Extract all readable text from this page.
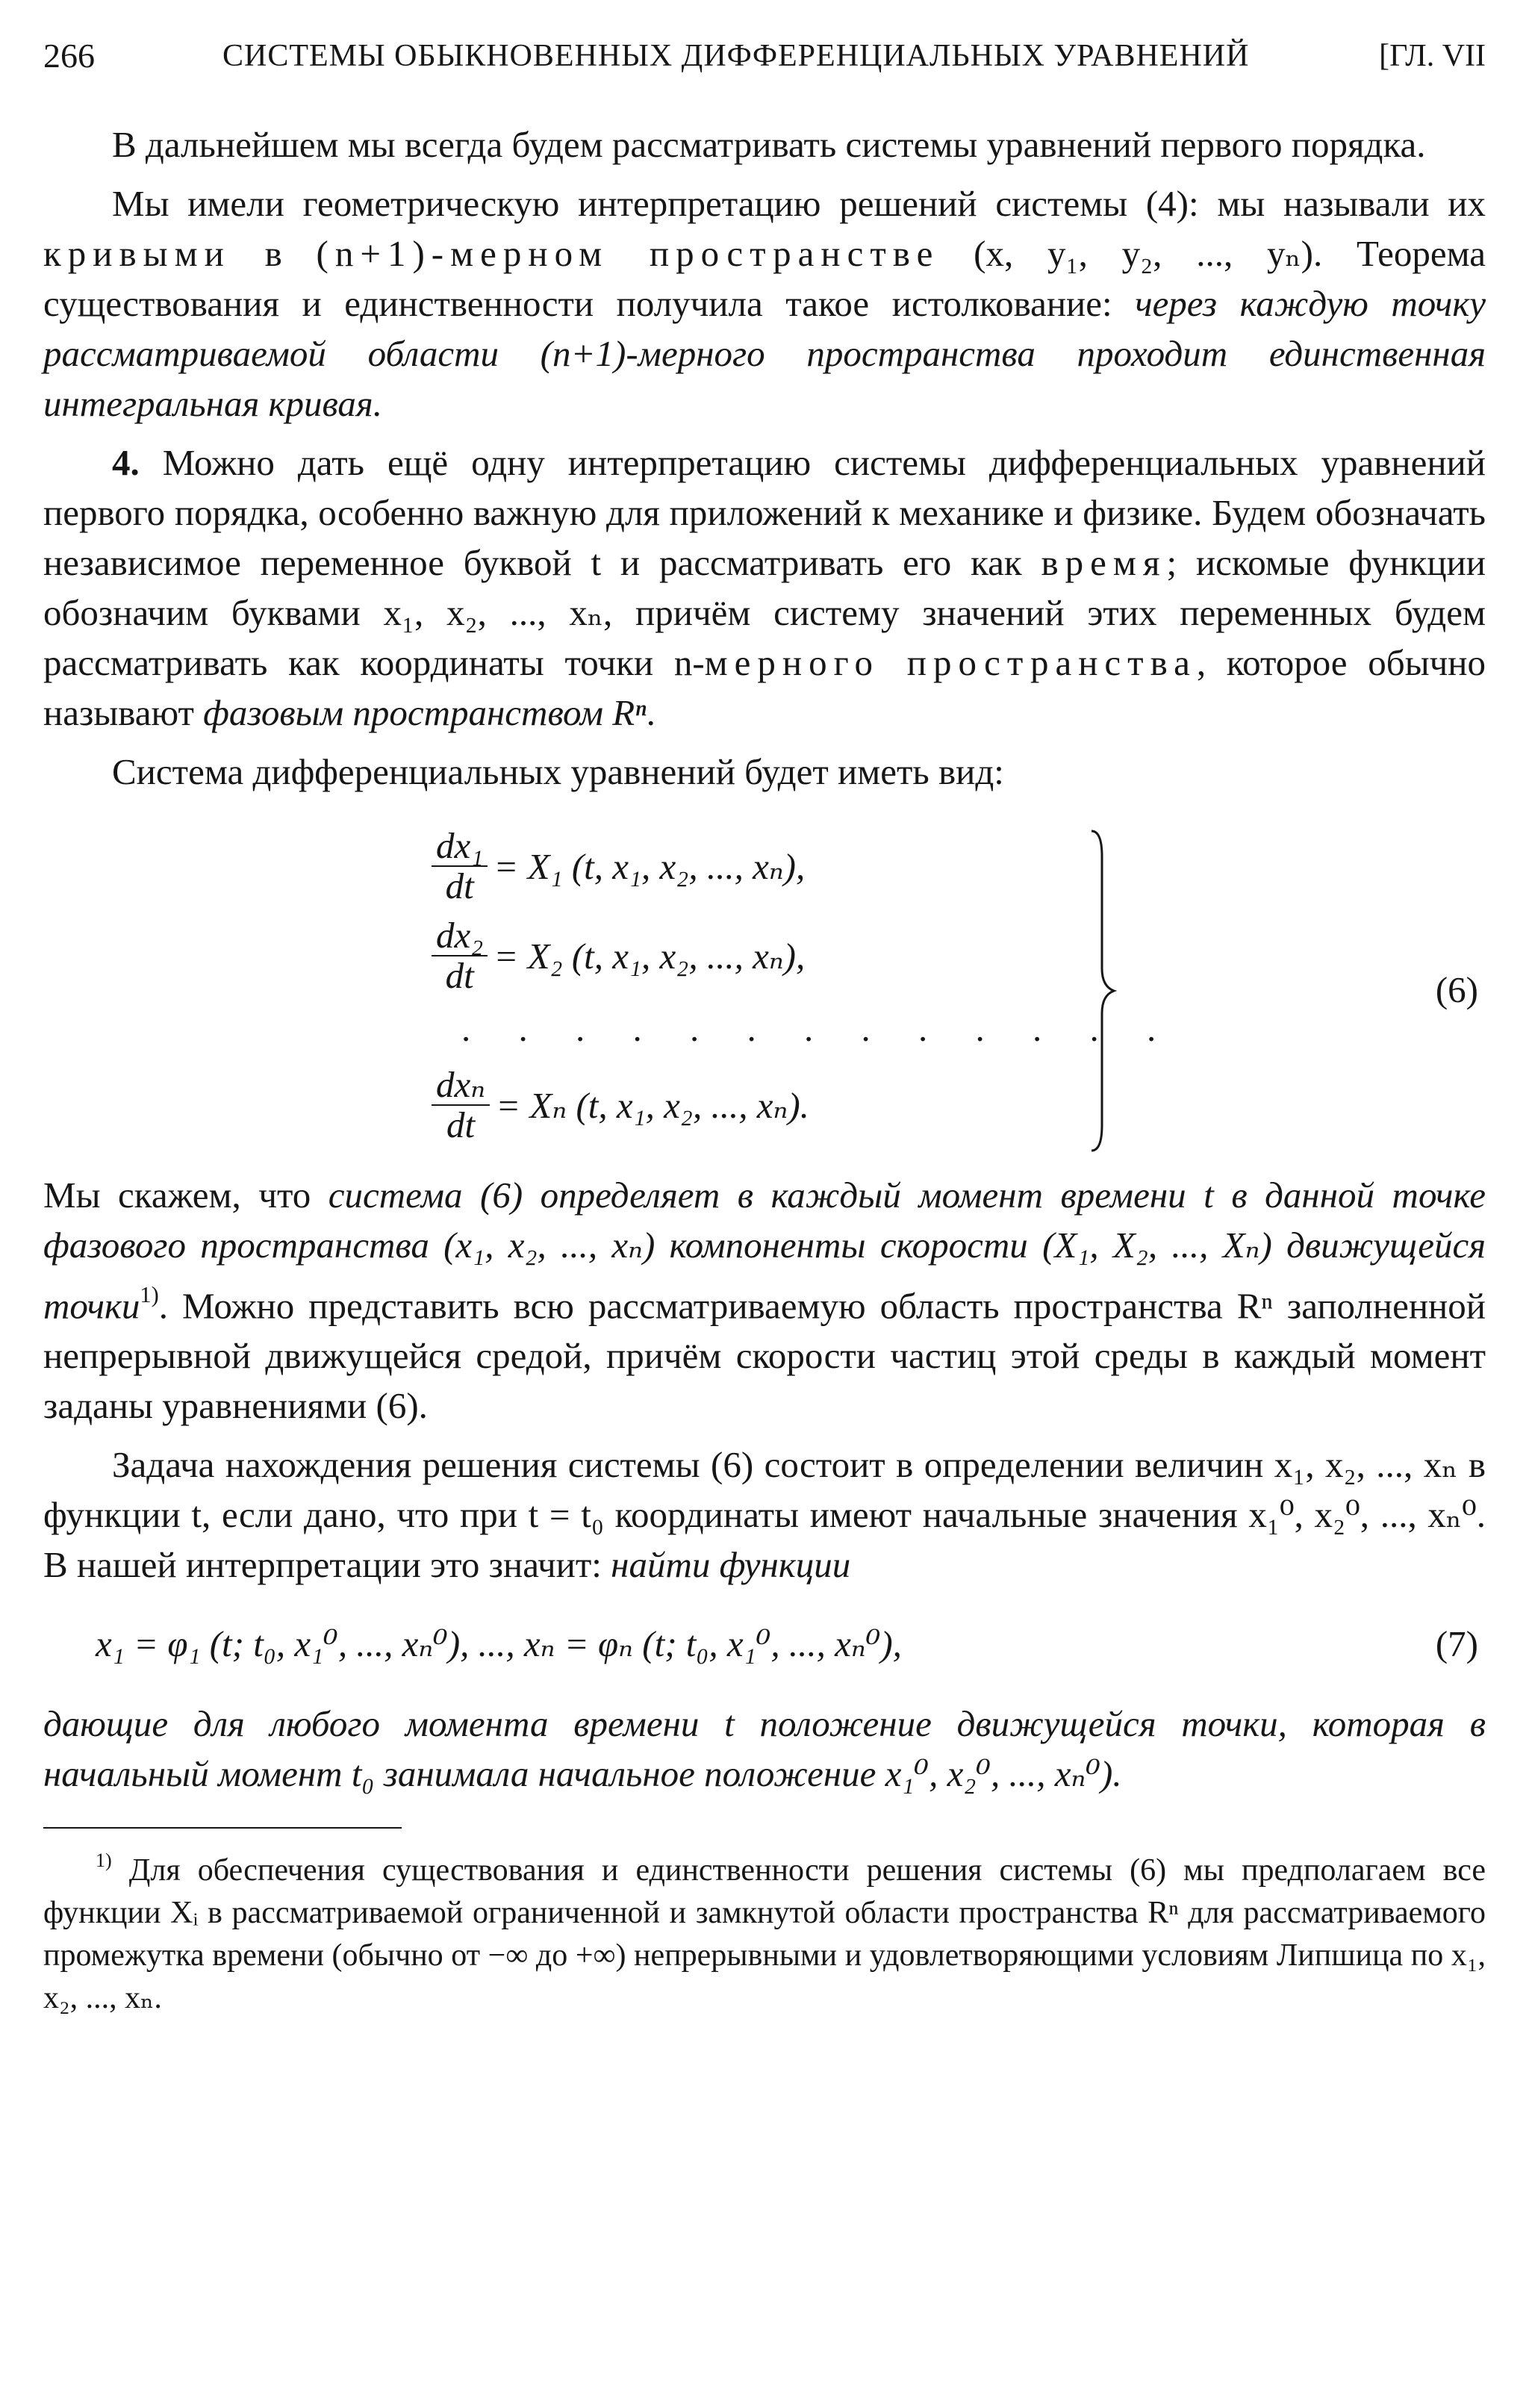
266	СИСТЕМЫ ОБЫКНОВЕННЫХ ДИФФЕРЕНЦИАЛЬНЫХ УРАВНЕНИЙ	[ГЛ. VII

В дальнейшем мы всегда будем рассматривать системы уравнений первого порядка.

Мы имели геометрическую интерпретацию решений системы (4): мы называли их кривыми в (n+1)-мерном пространстве (x, y₁, y₂, ..., yₙ). Теорема существования и единственности получила такое истолкование: через каждую точку рассматриваемой области (n+1)-мерного пространства проходит единственная интегральная кривая.

4. Можно дать ещё одну интерпретацию системы дифференциальных уравнений первого порядка, особенно важную для приложений к механике и физике. Будем обозначать независимое переменное буквой t и рассматривать его как время; искомые функции обозначим буквами x₁, x₂, ..., xₙ, причём систему значений этих переменных будем рассматривать как координаты точки n-мерного пространства, которое обычно называют фазовым пространством Rⁿ.

Система дифференциальных уравнений будет иметь вид:

$\frac{\text{dx₁}}{dt} = X_1$ (t, x₁, x₂, ..., xₙ),
$\frac{\text{dx₂}}{dt} = X_2$ (t, x₁, x₂, ..., xₙ),
. . . . . . . . . . . . .
$\frac{\text{dxₙ}}{dt} = X_n$ (t, x₁, x₂, ..., xₙ).
(6)

Мы скажем, что система (6) определяет в каждый момент времени t в данной точке фазового пространства (x₁, x₂, ..., xₙ) компоненты скорости (X₁, X₂, ..., Xₙ) движущейся точки$^{1)}$. Можно представить всю рассматриваемую область пространства Rⁿ заполненной непрерывной движущейся средой, причём скорости частиц этой среды в каждый момент заданы уравнениями (6).

Задача нахождения решения системы (6) состоит в определении величин x₁, x₂, ..., xₙ в функции t, если дано, что при t = t₀ координаты имеют начальные значения x₁⁰, x₂⁰, ..., xₙ⁰. В нашей интерпретации это значит: найти функции

x₁ = φ₁ (t; t₀, x₁⁰, ..., xₙ⁰), ..., xₙ = φₙ (t; t₀, x₁⁰, ..., xₙ⁰),	(7)

дающие для любого момента времени t положение движущейся точки, которая в начальный момент t₀ занимала начальное положение x₁⁰, x₂⁰, ..., xₙ⁰).

$^{1)}$ Для обеспечения существования и единственности решения системы (6) мы предполагаем все функции Xᵢ в рассматриваемой ограниченной и замкнутой области пространства Rⁿ для рассматриваемого промежутка времени (обычно от −∞ до +∞) непрерывными и удовлетворяющими условиям Липшица по x₁, x₂, ..., xₙ.
